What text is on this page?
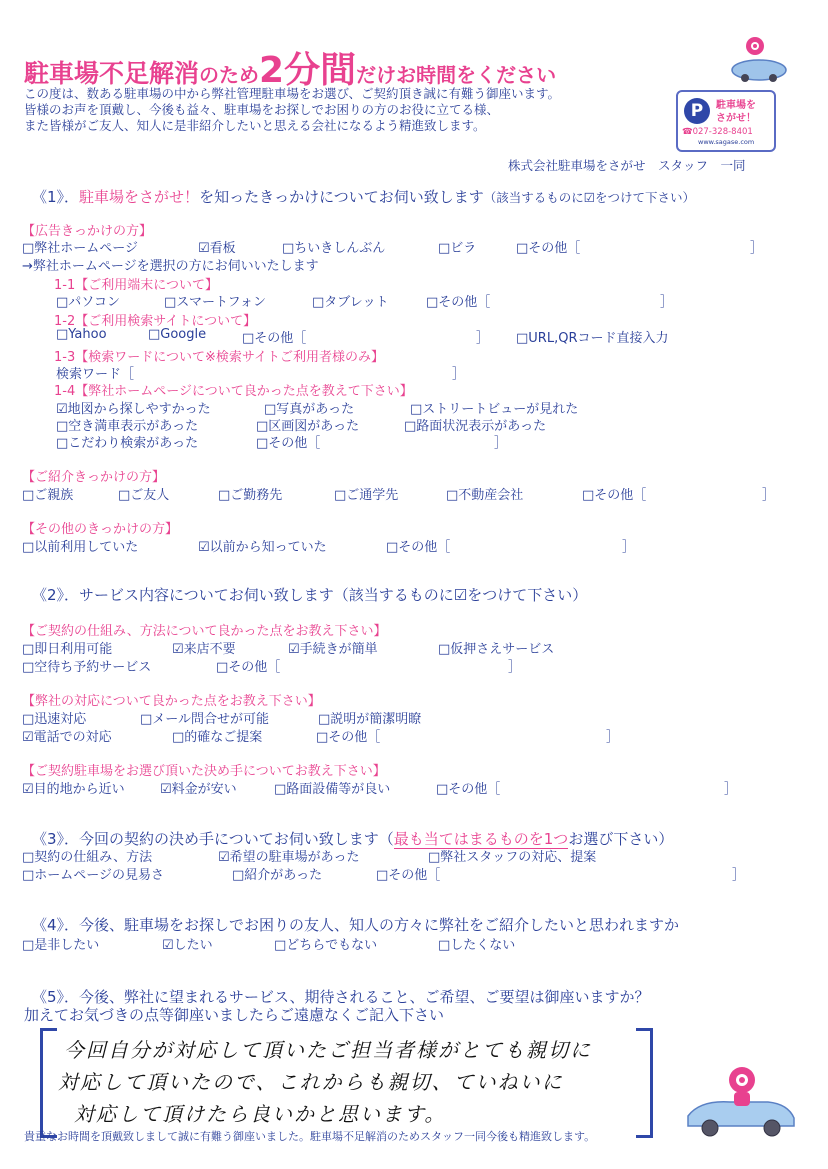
駐車場不足解消のため2分間だけお時間をください
この度は、数ある駐車場の中から弊社管理駐車場をお選び、ご契約頂き誠に有難う御座います。
皆様のお声を頂戴し、今後も益々、駐車場をお探しでお困りの方のお役に立てる様、
また皆様がご友人、知人に是非紹介したいと思える会社になるよう精進致します。
P	駐車場を
さがせ！
☎027-328-8401
www.sagase.com
株式会社駐車場をさがせ　スタッフ　一同
《1》．駐車場をさがせ！を知ったきっかけについてお伺い致します（該当するものに☑をつけて下さい）
【広告きっかけの方】
□弊社ホームページ	☑看板	□ちいきしんぶん	□ビラ	□その他［	］
→弊社ホームページを選択の方にお伺いいたします
1-1【ご利用端末について】
□パソコン	□スマートフォン	□タブレット	□その他［	］
1-2【ご利用検索サイトについて】
□Yahoo	□Google	□その他［	］ □URL,QRコード直接入力
1-3【検索ワードについて※検索サイトご利用者様のみ】
検索ワード［	］
1-4【弊社ホームページについて良かった点を教えて下さい】
☑地図から探しやすかった	□写真があった	□ストリートビューが見れた
□空き満車表示があった	□区画図があった	□路面状況表示があった
□こだわり検索があった	□その他［	］
【ご紹介きっかけの方】
□ご親族	□ご友人	□ご勤務先	□ご通学先	□不動産会社	□その他［	］
【その他のきっかけの方】
□以前利用していた	☑以前から知っていた	□その他［	］
《2》．サービス内容についてお伺い致します（該当するものに☑をつけて下さい）
【ご契約の仕組み、方法について良かった点をお教え下さい】
□即日利用可能	☑来店不要	☑手続きが簡単	□仮押さえサービス
□空待ち予約サービス	□その他［	］
【弊社の対応について良かった点をお教え下さい】
□迅速対応	□メール問合せが可能	□説明が簡潔明瞭
☑電話での対応	□的確なご提案	□その他［	］
【ご契約駐車場をお選び頂いた決め手についてお教え下さい】
☑目的地から近い	☑料金が安い	□路面設備等が良い	□その他［	］
《3》．今回の契約の決め手についてお伺い致します（最も当てはまるものを1つお選び下さい）
□契約の仕組み、方法	☑希望の駐車場があった	□弊社スタッフの対応、提案
□ホームページの見易さ	□紹介があった	□その他［	］
《4》．今後、駐車場をお探しでお困りの友人、知人の方々に弊社をご紹介したいと思われますか
□是非したい	☑したい	□どちらでもない	□したくない
《5》．今後、弊社に望まれるサービス、期待されること、ご希望、ご要望は御座いますか？
加えてお気づきの点等御座いましたらご遠慮なくご記入下さい
今回自分が対応して頂いたご担当者様がとても親切に
対応して頂いたので、これからも親切、ていねいに
対応して頂けたら良いかと思います。
貴重なお時間を頂戴致しまして誠に有難う御座いました。駐車場不足解消のためスタッフ一同今後も精進致します。
